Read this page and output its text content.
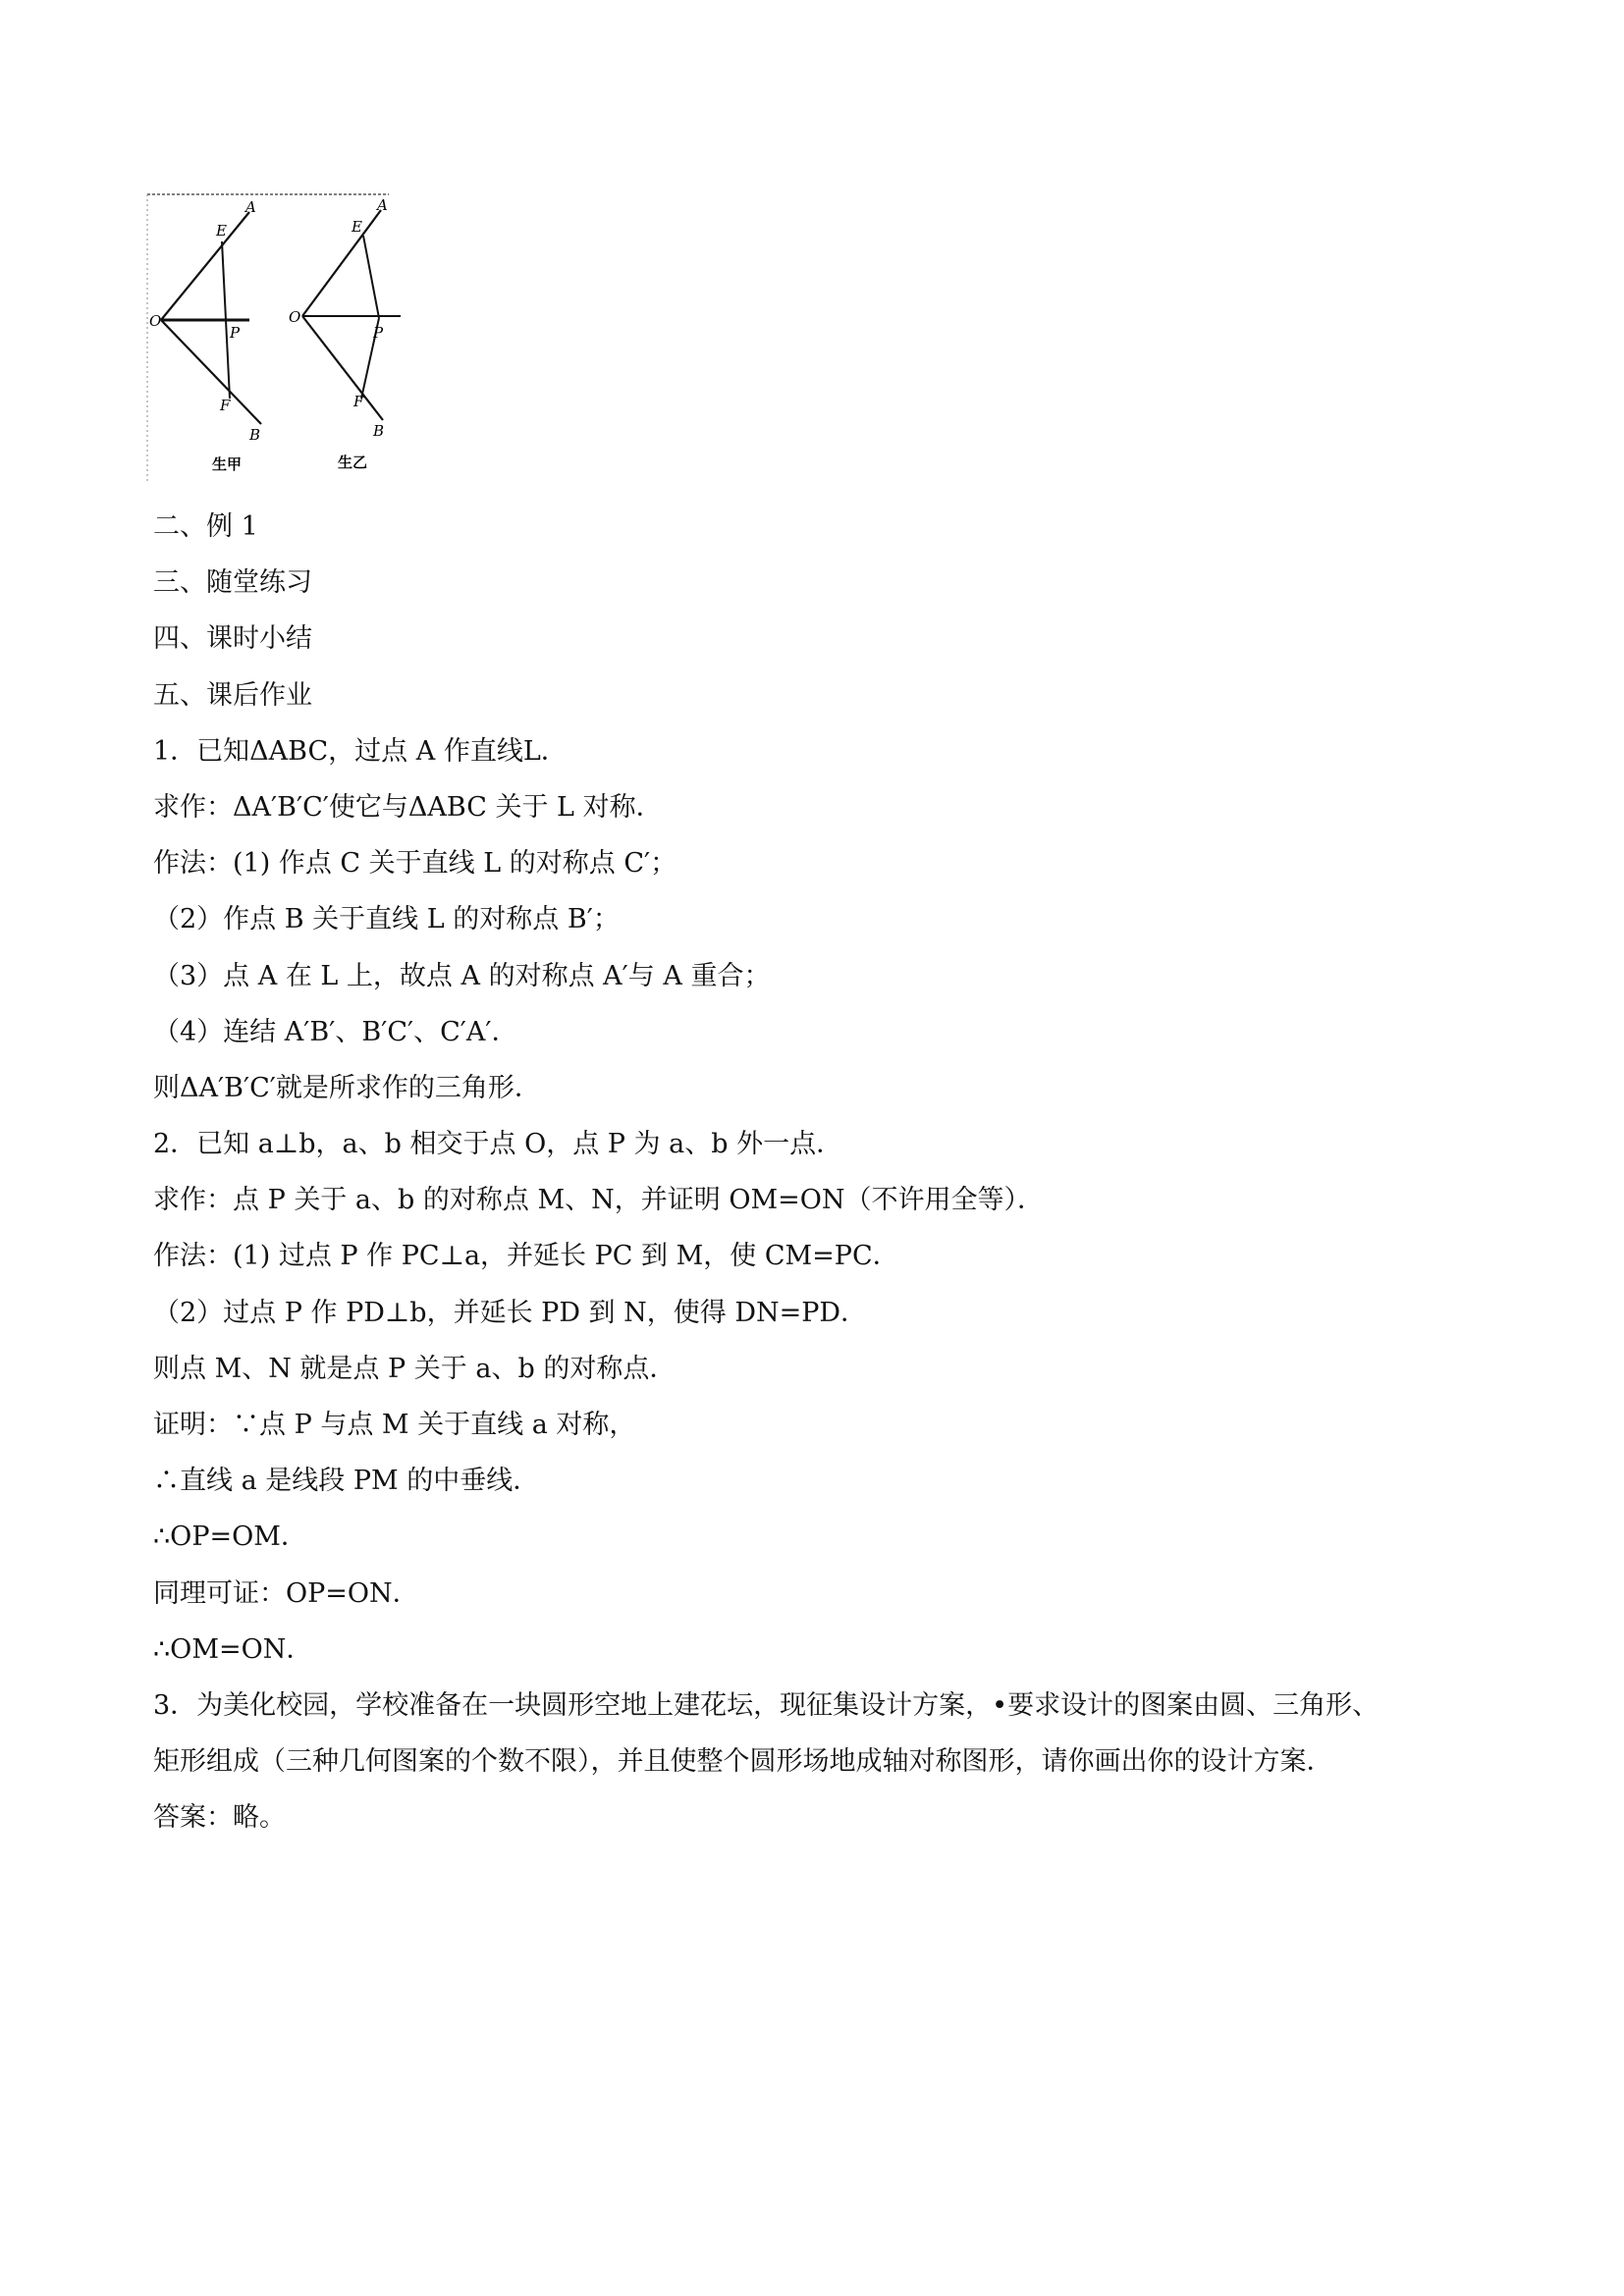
A
E
O
P
F
B
生甲
A
E
O
P
F
B
生乙
二、例 1
三、随堂练习
四、课时小结
五、课后作业
1．已知ΔABC，过点 A 作直线L．
求作：ΔA′B′C′使它与ΔABC 关于 L 对称．
作法：(1) 作点 C 关于直线 L 的对称点 C′；
（2）作点 B 关于直线 L 的对称点 B′；
（3）点 A 在 L 上，故点 A 的对称点 A′与 A 重合；
（4）连结 A′B′、B′C′、C′A′．
则ΔA′B′C′就是所求作的三角形．
2．已知 a⊥b，a、b 相交于点 O，点 P 为 a、b 外一点．
求作：点 P 关于 a、b 的对称点 M、N，并证明 OM=ON（不许用全等）．
作法：(1) 过点 P 作 PC⊥a，并延长 PC 到 M，使 CM=PC．
（2）过点 P 作 PD⊥b，并延长 PD 到 N，使得 DN=PD．
则点 M、N 就是点 P 关于 a、b 的对称点．
证明：∵点 P 与点 M 关于直线 a 对称，
∴直线 a 是线段 PM 的中垂线．
∴OP=OM．
同理可证：OP=ON．
∴OM=ON．
3．为美化校园，学校准备在一块圆形空地上建花坛，现征集设计方案，•要求设计的图案由圆、三角形、
矩形组成（三种几何图案的个数不限），并且使整个圆形场地成轴对称图形，请你画出你的设计方案．
答案：略。
